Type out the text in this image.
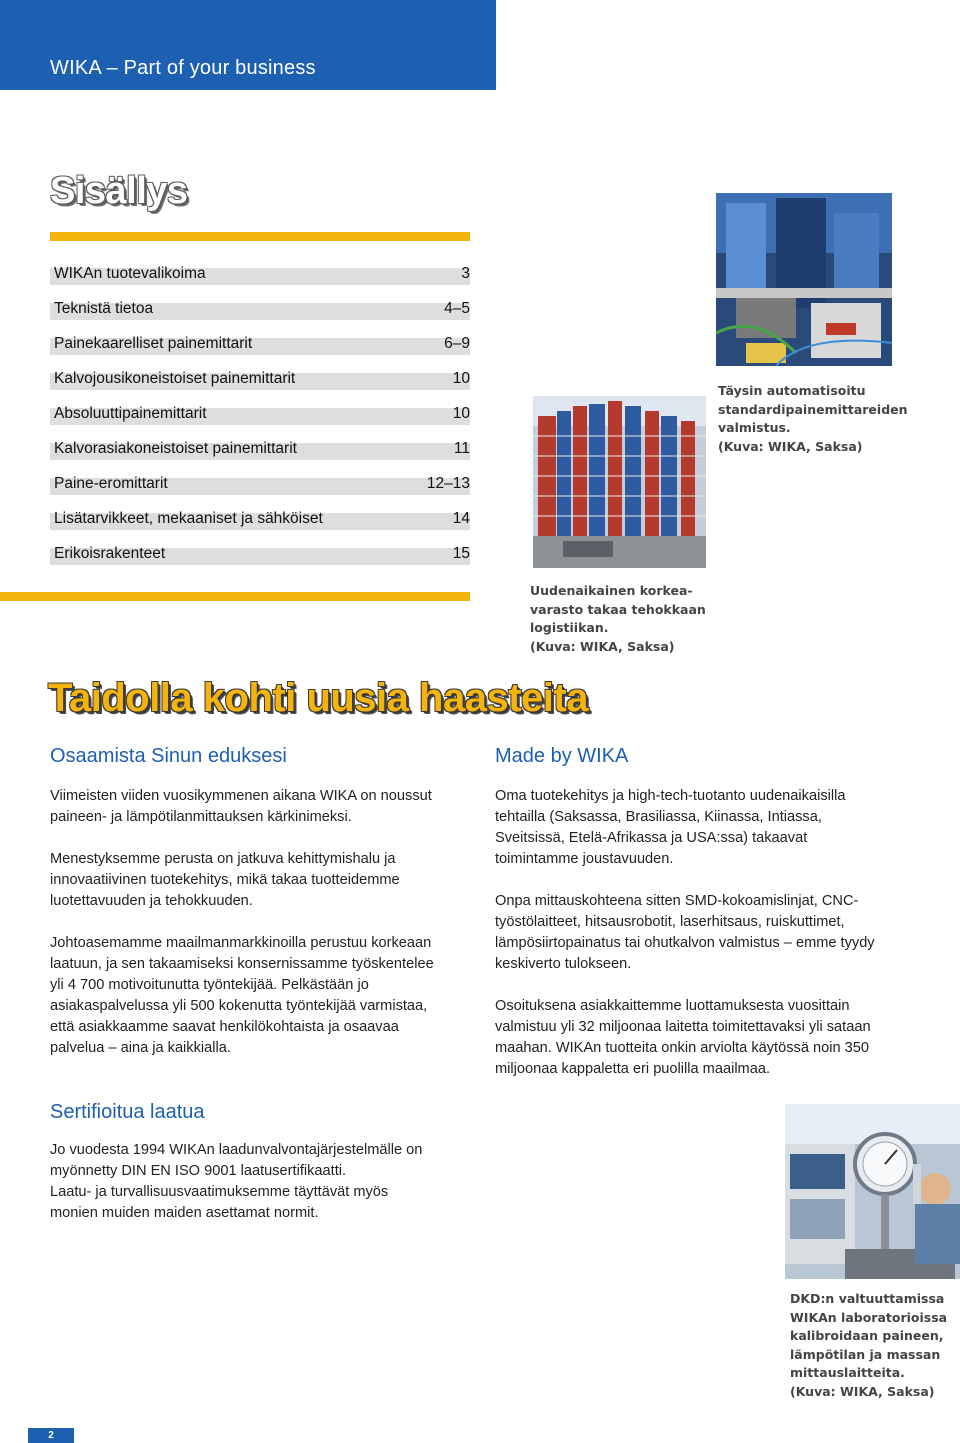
WIKA – Part of your business
Sisällys
WIKAn tuotevalikoima	3
Teknistä tietoa	4–5
Painekaarelliset painemittarit	6–9
Kalvojousikoneistoiset painemittarit	10
Absoluuttipainemittarit	10
Kalvorasiakoneistoiset painemittarit	11
Paine-eromittarit	12–13
Lisätarvikkeet, mekaaniset ja sähköiset	14
Erikoisrakenteet	15
Täysin automatisoitu
standardipainemittareiden
valmistus.
(Kuva: WIKA, Saksa)
Uudenaikainen korkea-
varasto takaa tehokkaan
logistiikan.
(Kuva: WIKA, Saksa)
Taidolla kohti uusia haasteita
Osaamista Sinun eduksesi

Viimeisten viiden vuosikymmenen aikana WIKA on noussut
paineen- ja lämpötilanmittauksen kärkinimeksi.

Menestyksemme perusta on jatkuva kehittymishalu ja
innovaatiivinen tuotekehitys, mikä takaa tuotteidemme
luotettavuuden ja tehokkuuden.

Johtoasemamme maailmanmarkkinoilla perustuu korkeaan
laatuun, ja sen takaamiseksi konsernissamme työskentelee
yli 4 700 motivoitunutta työntekijää. Pelkästään jo
asiakaspalvelussa yli 500 kokenutta työntekijää varmistaa,
että asiakkaamme saavat henkilökohtaista ja osaavaa
palvelua – aina ja kaikkialla.

Made by WIKA

Oma tuotekehitys ja high-tech-tuotanto uudenaikaisilla
tehtailla (Saksassa, Brasiliassa, Kiinassa, Intiassa,
Sveitsissä, Etelä-Afrikassa ja USA:ssa) takaavat
toimintamme joustavuuden.

Onpa mittauskohteena sitten SMD-kokoamislinjat, CNC-
työstölaitteet, hitsausrobotit, laserhitsaus, ruiskuttimet,
lämpösiirtopainatus tai ohutkalvon valmistus – emme tyydy
keskiverto tulokseen.

Osoituksena asiakkaittemme luottamuksesta vuosittain
valmistuu yli 32 miljoonaa laitetta toimitettavaksi yli sataan
maahan. WIKAn tuotteita onkin arviolta käytössä noin 350
miljoonaa kappaletta eri puolilla maailmaa.

Sertifioitua laatua

Jo vuodesta 1994 WIKAn laadunvalvontajärjestelmälle on
myönnetty DIN EN ISO 9001 laatusertifikaatti.
Laatu- ja turvallisuusvaatimuksemme täyttävät myös
monien muiden maiden asettamat normit.

DKD:n valtuuttamissa
WIKAn laboratorioissa
kalibroidaan paineen,
lämpötilan ja massan
mittauslaitteita.
(Kuva: WIKA, Saksa)
2
